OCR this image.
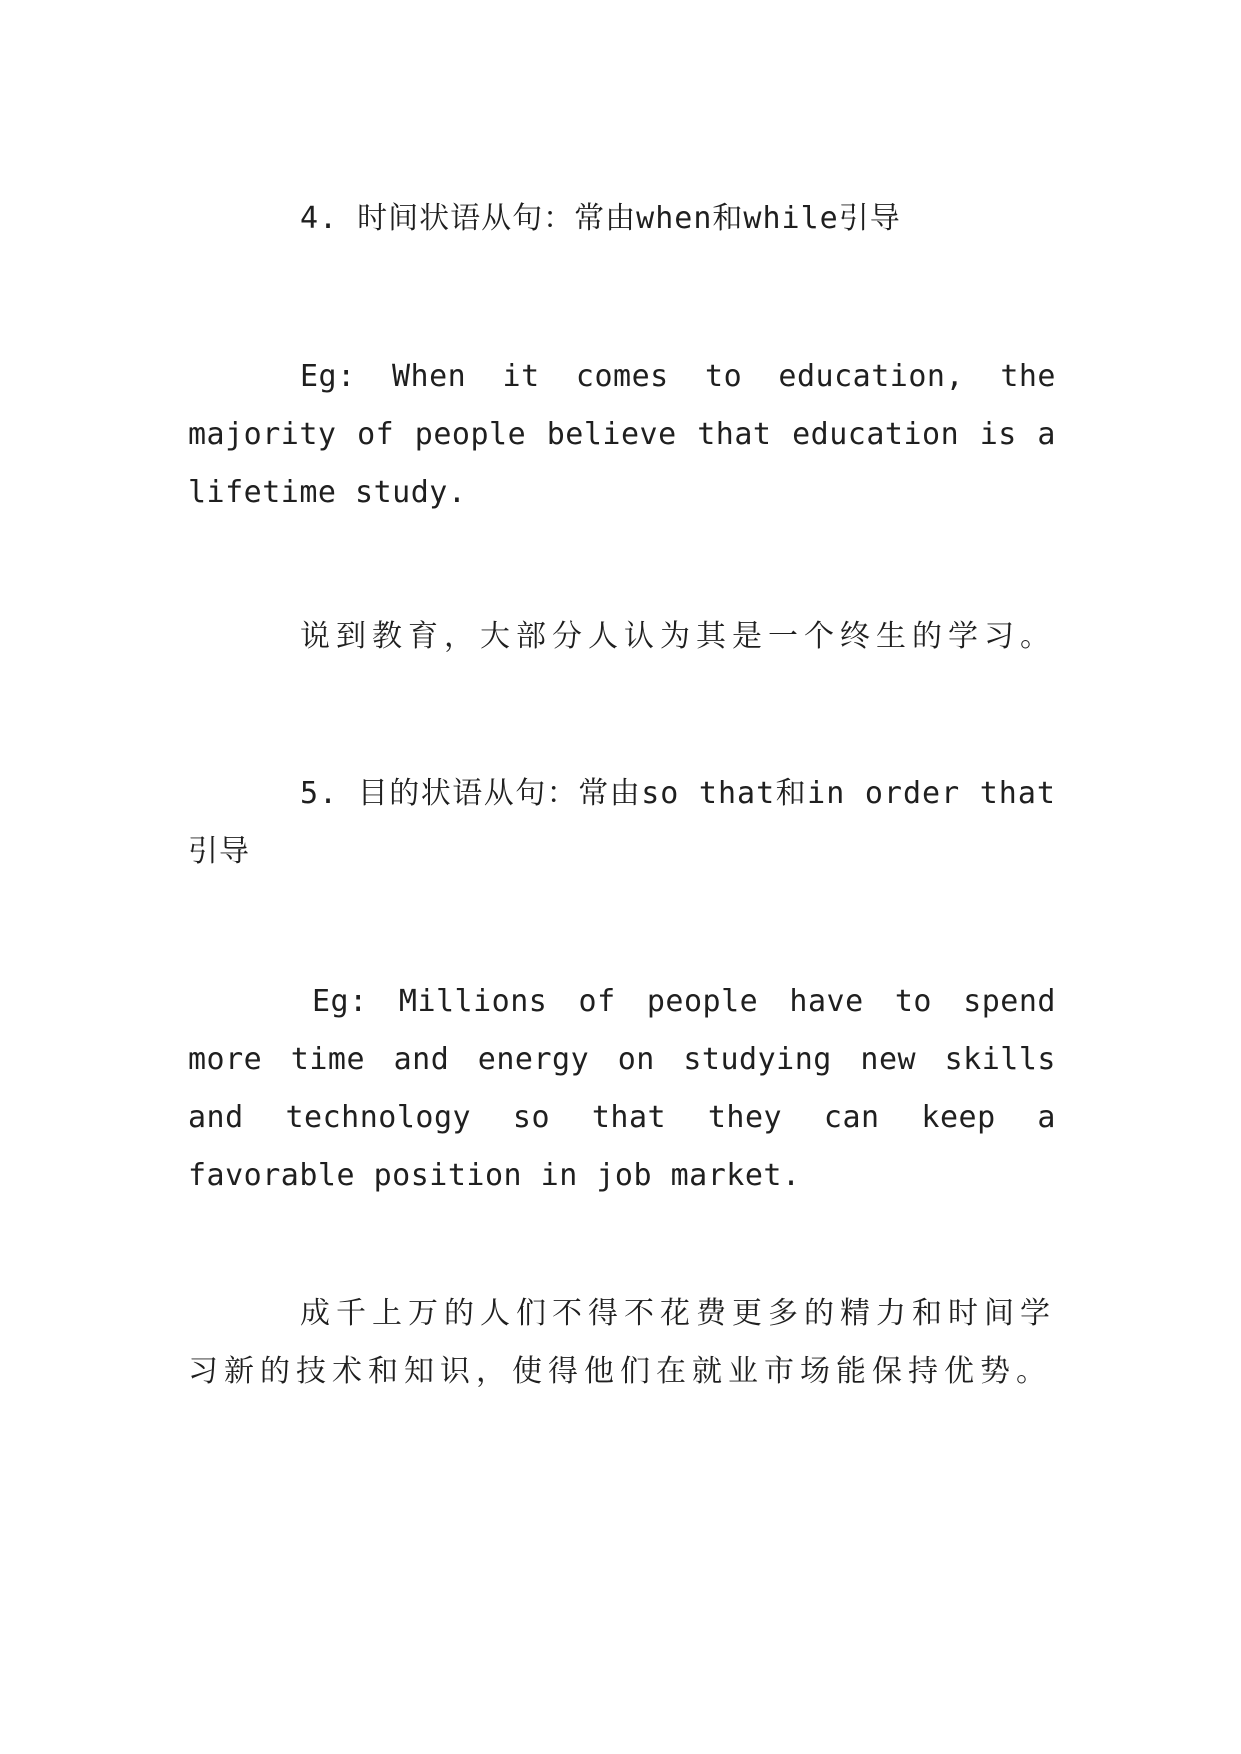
4. 时间状语从句：常由when和while引导

Eg: When it comes to education, the majority of people believe that education is a lifetime study.

说到教育，大部分人认为其是一个终生的学习。

5. 目的状语从句：常由so that和in order that引导

Eg: Millions of people have to spend more time and energy on studying new skills and technology so that they can keep a favorable position in job market.

成千上万的人们不得不花费更多的精力和时间学习新的技术和知识，使得他们在就业市场能保持优势。
